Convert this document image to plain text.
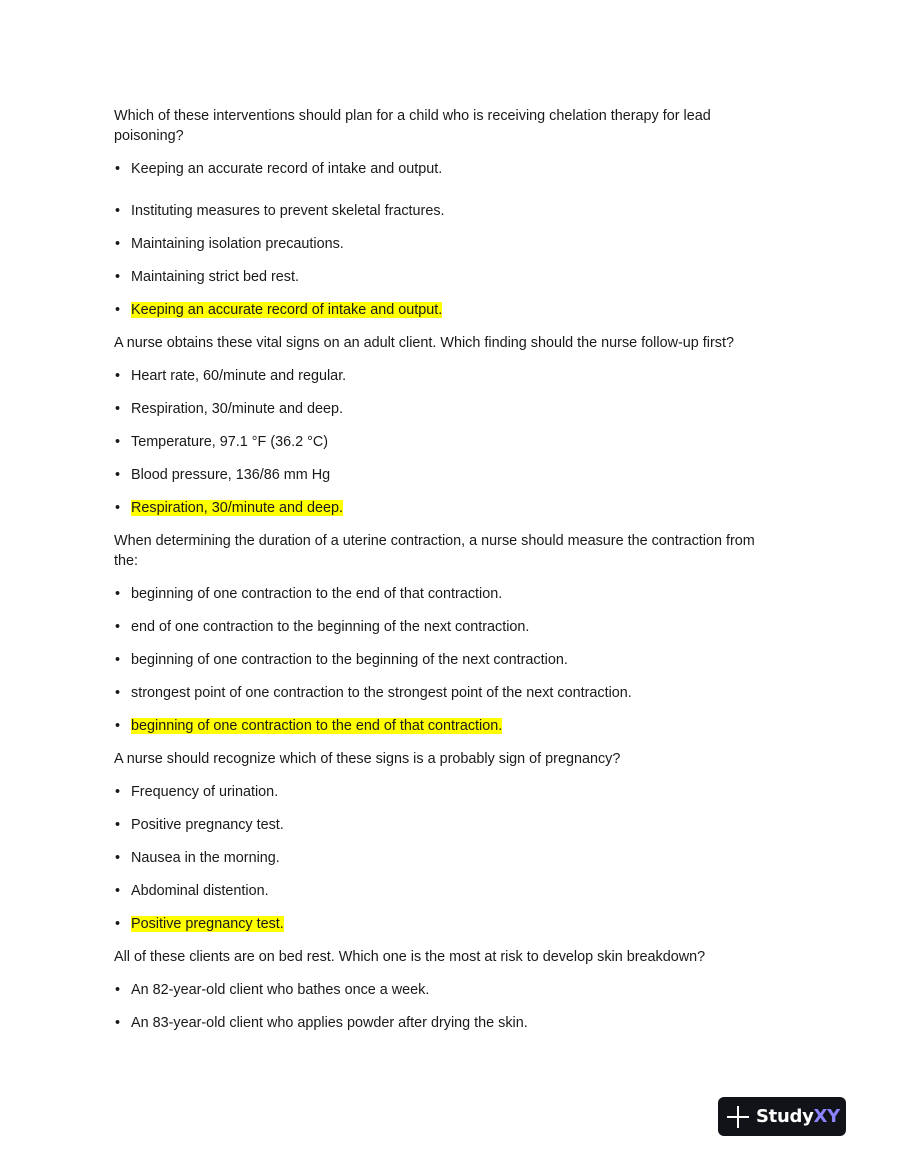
Which of these interventions should plan for a child who is receiving chelation therapy for lead poisoning?

• Keeping an accurate record of intake and output.
• Instituting measures to prevent skeletal fractures.
• Maintaining isolation precautions.
• Maintaining strict bed rest.
• Keeping an accurate record of intake and output.

A nurse obtains these vital signs on an adult client. Which finding should the nurse follow-up first?

• Heart rate, 60/minute and regular.
• Respiration, 30/minute and deep.
• Temperature, 97.1 °F (36.2 °C)
• Blood pressure, 136/86 mm Hg
• Respiration, 30/minute and deep.

When determining the duration of a uterine contraction, a nurse should measure the contraction from the:

• beginning of one contraction to the end of that contraction.
• end of one contraction to the beginning of the next contraction.
• beginning of one contraction to the beginning of the next contraction.
• strongest point of one contraction to the strongest point of the next contraction.
• beginning of one contraction to the end of that contraction.

A nurse should recognize which of these signs is a probably sign of pregnancy?

• Frequency of urination.
• Positive pregnancy test.
• Nausea in the morning.
• Abdominal distention.
• Positive pregnancy test.

All of these clients are on bed rest. Which one is the most at risk to develop skin breakdown?

• An 82-year-old client who bathes once a week.
• An 83-year-old client who applies powder after drying the skin.
StudyXY
